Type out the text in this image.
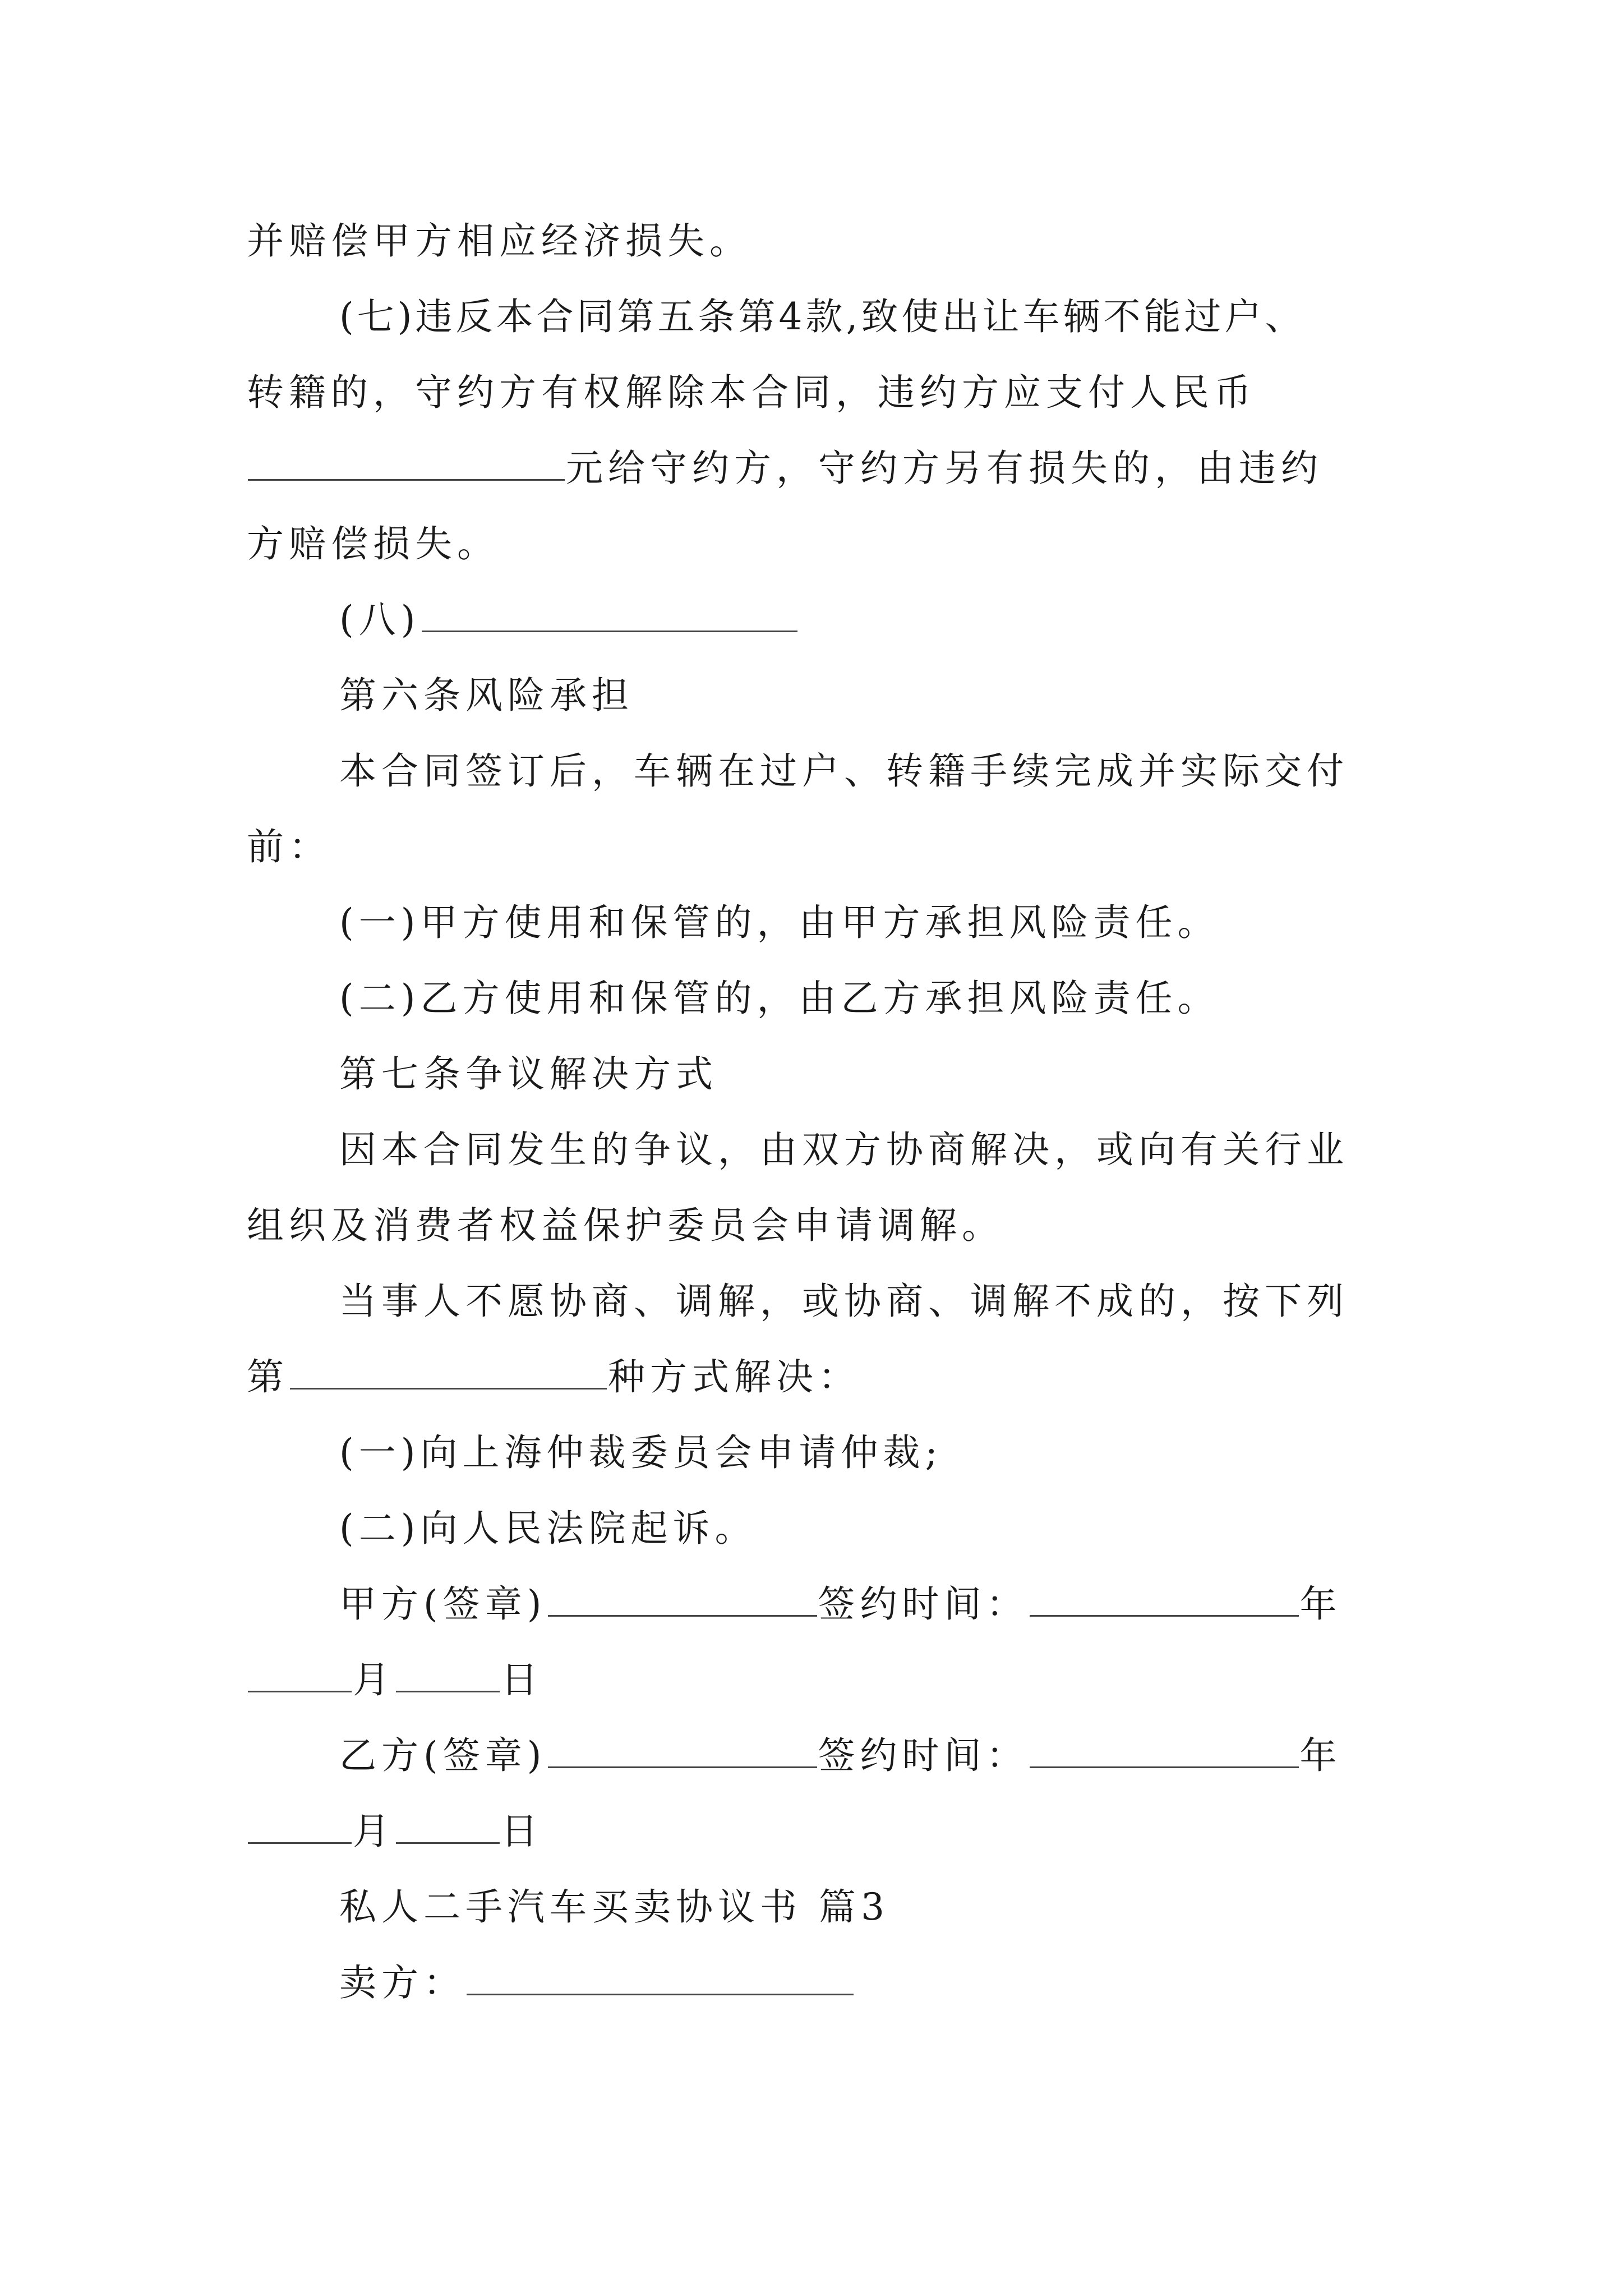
并赔偿甲方相应经济损失。
(七)违反本合同第五条第4款,致使出让车辆不能过户、
转籍的，守约方有权解除本合同，违约方应支付人民币
元给守约方，守约方另有损失的，由违约
方赔偿损失。
(八)
第六条风险承担
本合同签订后，车辆在过户、转籍手续完成并实际交付
前：
(一)甲方使用和保管的，由甲方承担风险责任。
(二)乙方使用和保管的，由乙方承担风险责任。
第七条争议解决方式
因本合同发生的争议，由双方协商解决，或向有关行业
组织及消费者权益保护委员会申请调解。
当事人不愿协商、调解，或协商、调解不成的，按下列
第	种方式解决：
(一)向上海仲裁委员会申请仲裁;
(二)向人民法院起诉。
甲方(签章)	签约时间：	年
月	日
乙方(签章)	签约时间：	年
月	日
私人二手汽车买卖协议书 篇3
卖方：
